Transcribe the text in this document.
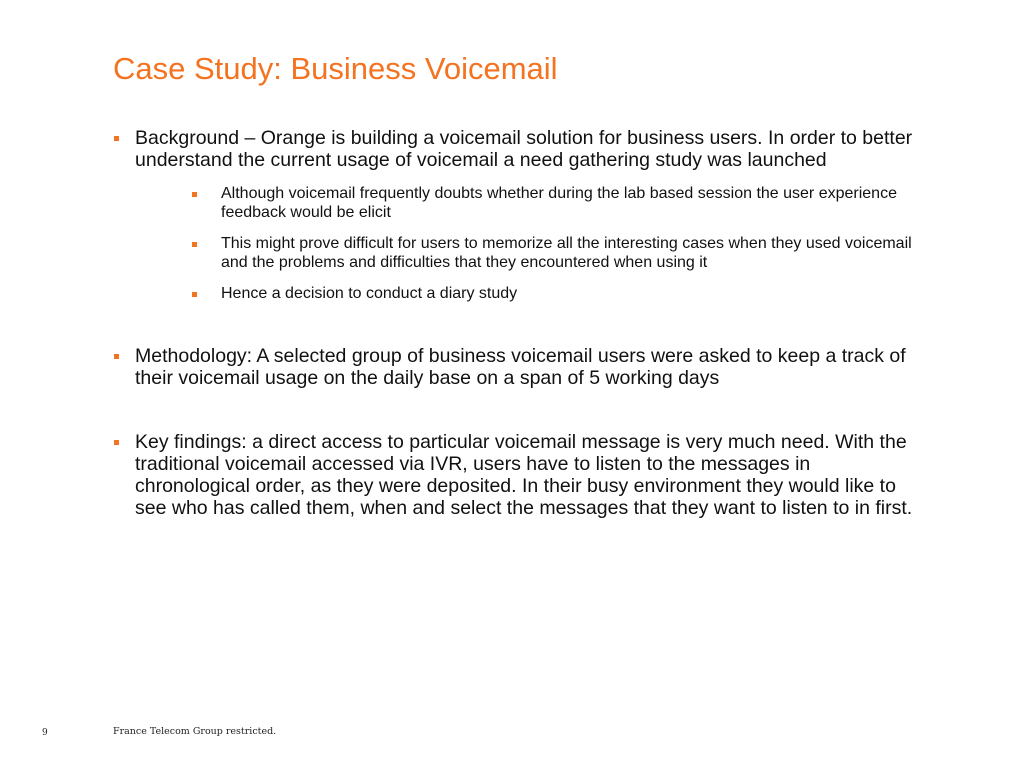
Case Study: Business Voicemail
Background – Orange is building a voicemail solution for business users. In order to better understand the current usage of voicemail a need gathering study was launched
Although voicemail frequently doubts whether during the lab based session the user experience feedback would be elicit
This might prove difficult for users to memorize all the interesting cases when they used voicemail and the problems and difficulties that they encountered when using it
Hence a decision to conduct a diary study
Methodology: A selected group of business voicemail users were asked to keep a track of their voicemail usage on the daily base on a span of 5 working days
Key findings: a direct access to particular voicemail message is very much need. With the traditional voicemail accessed via IVR, users have to listen to the messages in chronological order, as they were deposited. In their busy environment they would like to see who has called them, when and select the messages that they want to listen to in first.
9	France Telecom Group restricted.
